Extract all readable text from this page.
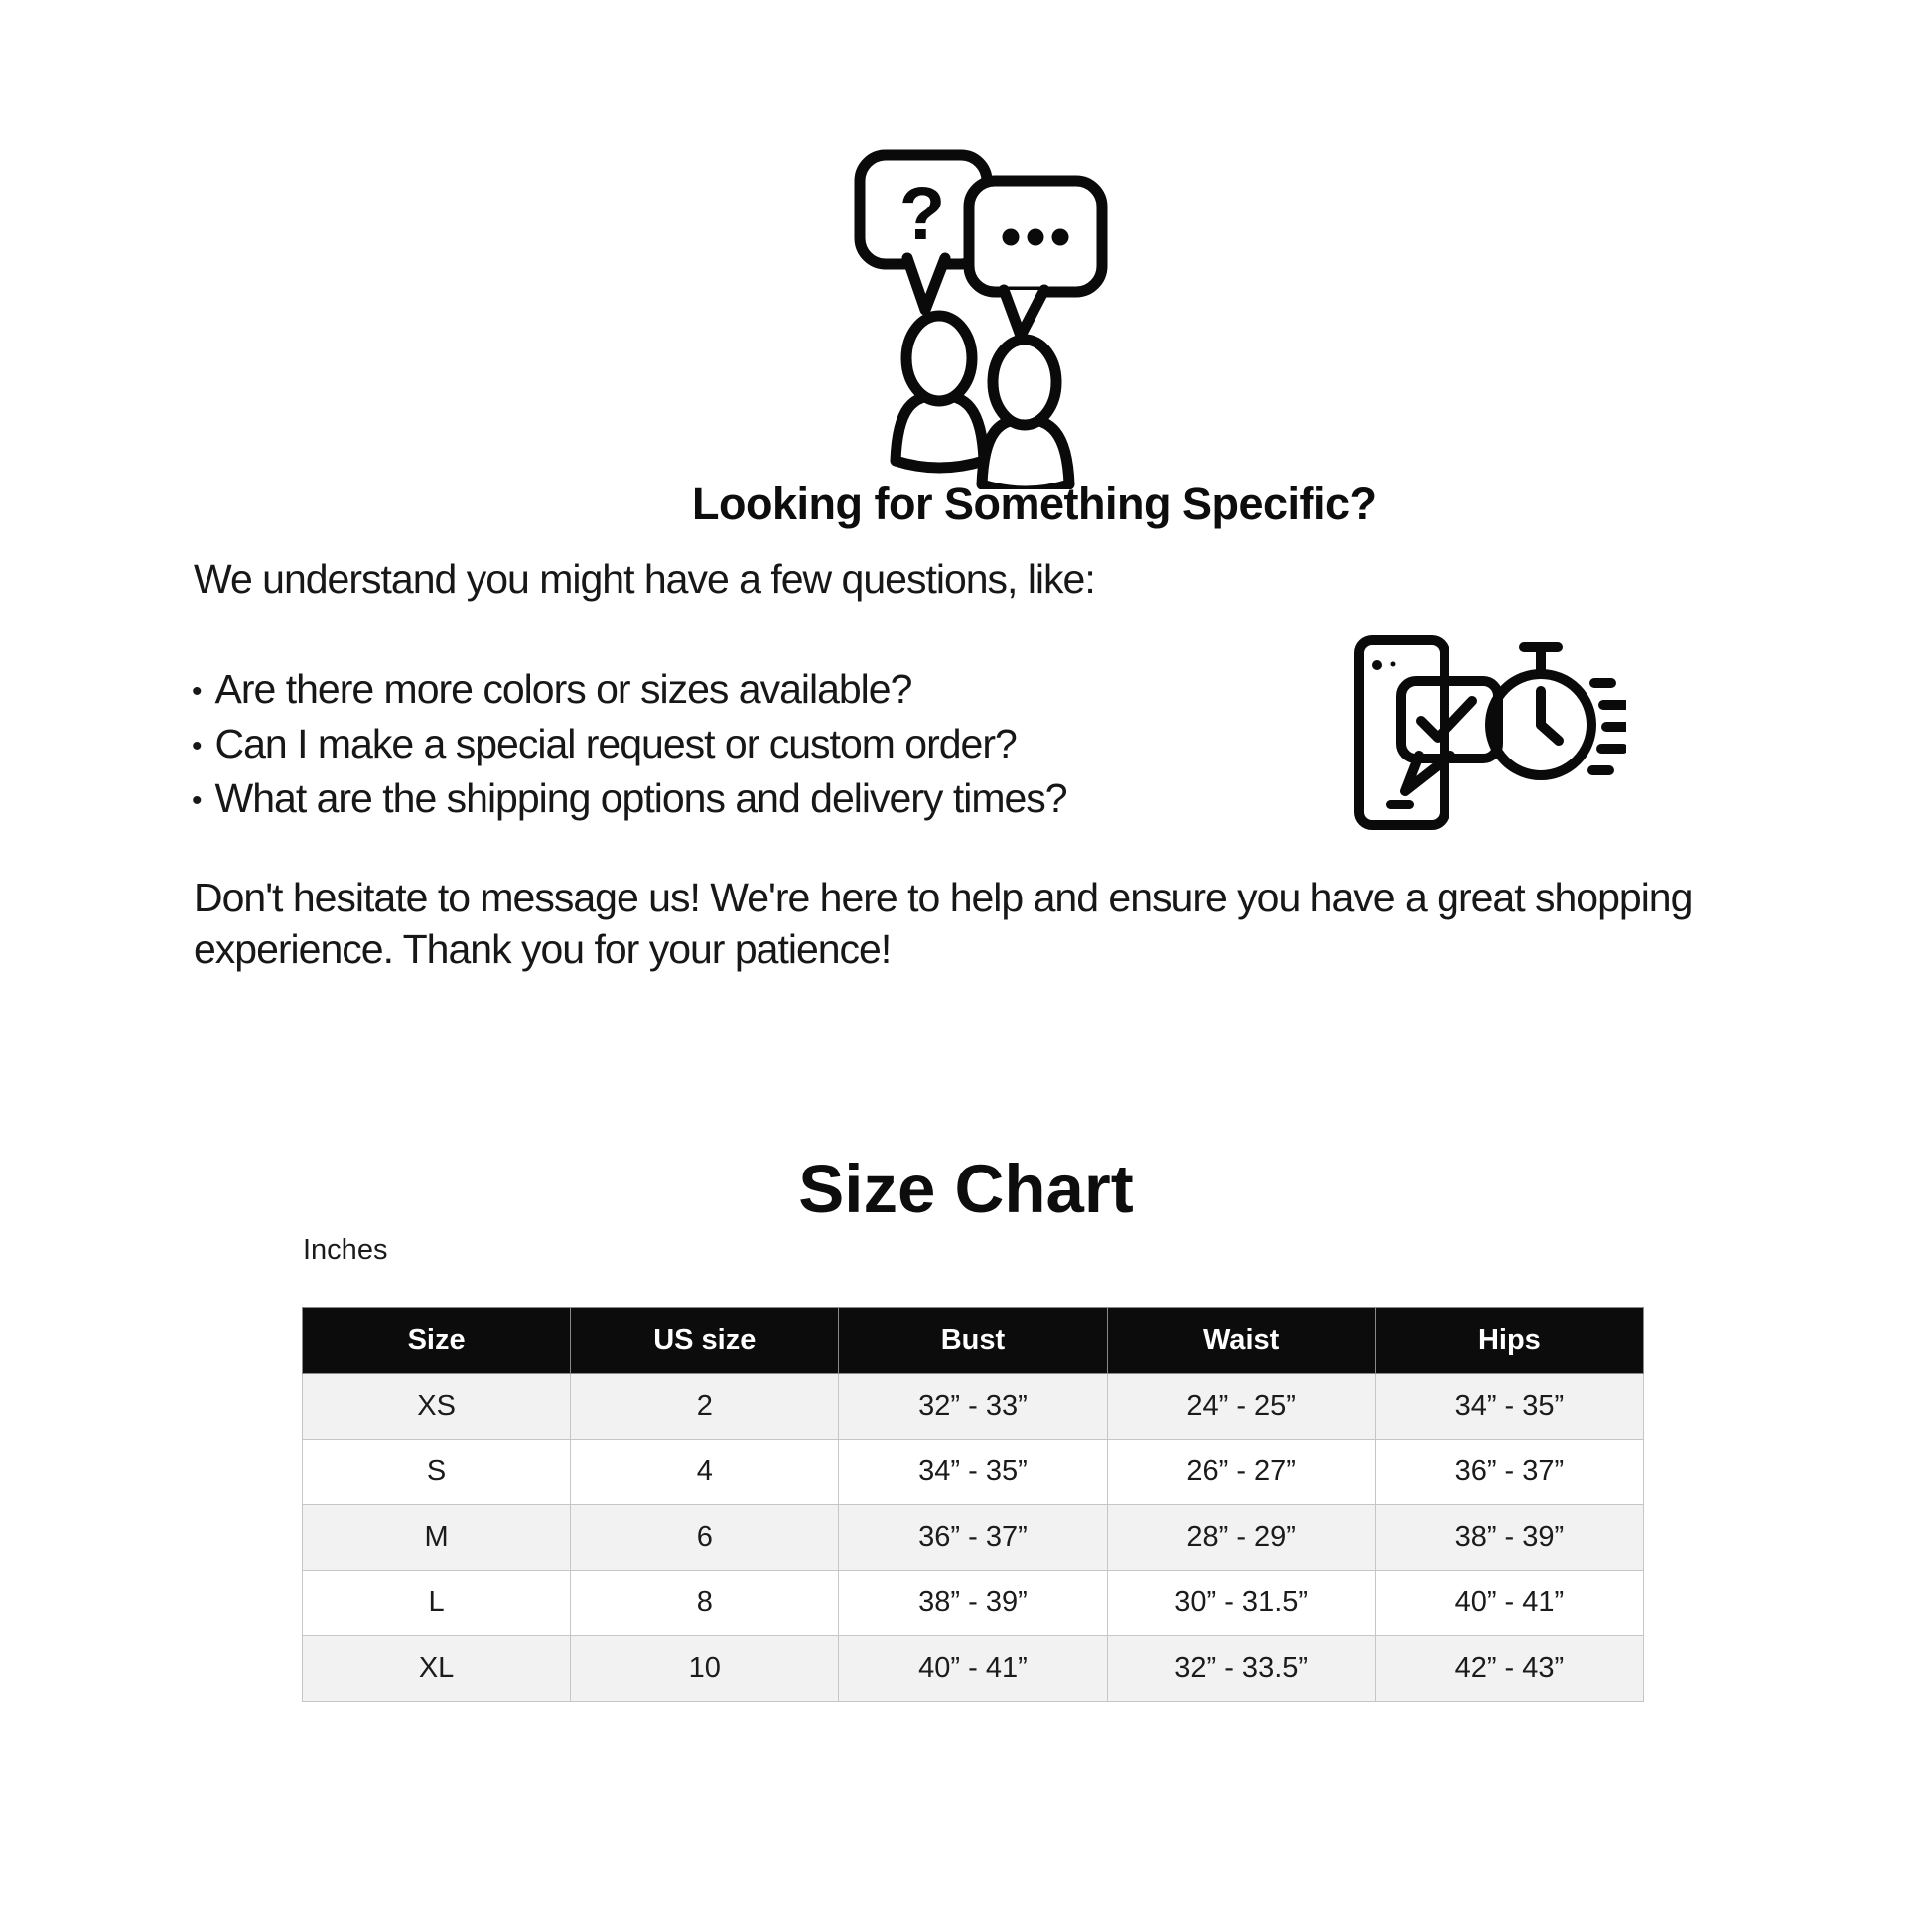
?
Looking for Something Specific?
We understand you might have a few questions, like:
• Are there more colors or sizes available?
• Can I make a special request or custom order?
• What are the shipping options and delivery times?
Don't hesitate to message us! We're here to help and ensure you have a great shopping
experience. Thank you for your patience!
Size Chart
Inches
Size	US size	Bust	Waist	Hips
XS	2	32” - 33”	24” - 25”	34” - 35”
S	4	34” - 35”	26” - 27”	36” - 37”
M	6	36” - 37”	28” - 29”	38” - 39”
L	8	38” - 39”	30” - 31.5”	40” - 41”
XL	10	40” - 41”	32” - 33.5”	42” - 43”
